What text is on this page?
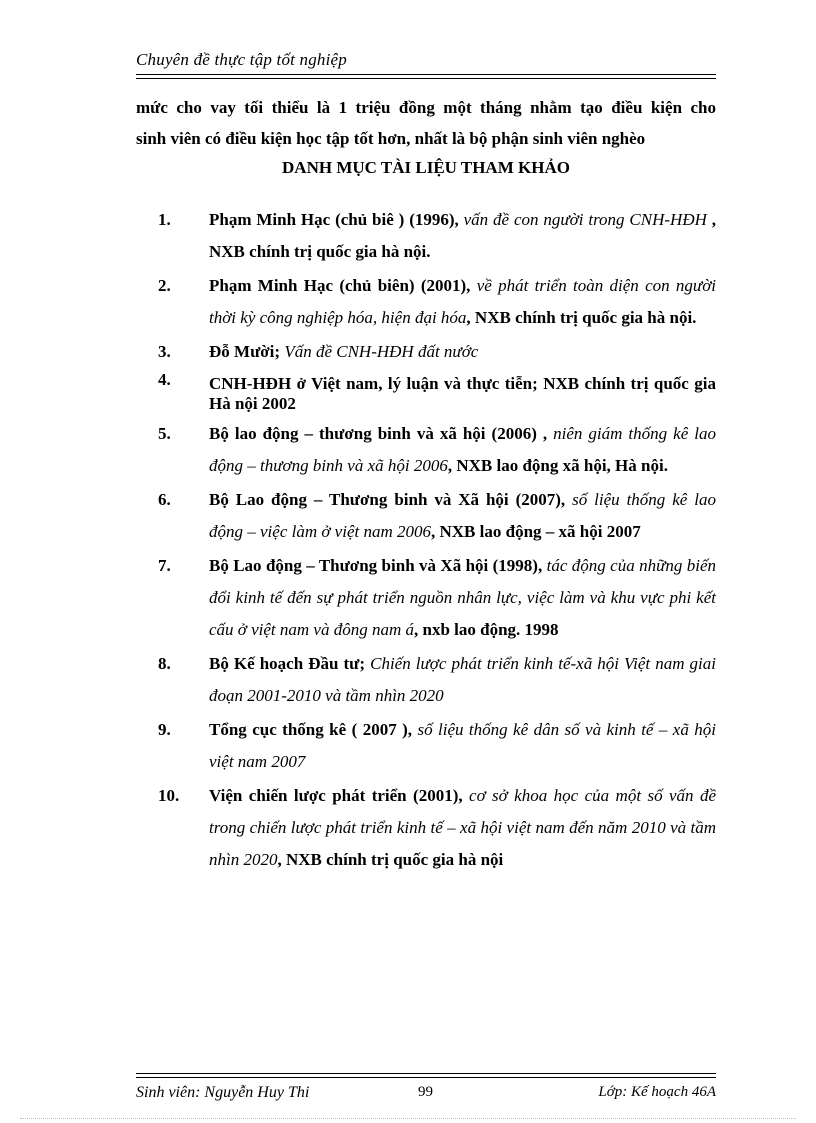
Chuyên đề thực tập tốt nghiệp

mức cho vay tối thiểu là 1 triệu đồng một tháng nhằm tạo điều kiện cho

sinh viên có điều kiện học tập tốt hơn, nhất là bộ phận sinh viên nghèo

DANH MỤC TÀI LIỆU THAM KHẢO
1. Phạm Minh Hạc (chủ biê ) (1996), vấn đề con người trong CNH-HĐH , NXB chính trị quốc gia hà nội.
2. Phạm Minh Hạc (chủ biên) (2001), về phát triển toàn diện con người thời kỳ công nghiệp hóa, hiện đại hóa, NXB chính trị quốc gia hà nội.
3. Đỗ Mười; Vấn đề CNH-HĐH đất nước
4. CNH-HĐH ở Việt nam, lý luận và thực tiễn; NXB chính trị quốc gia Hà nội 2002
5. Bộ lao động – thương binh và xã hội (2006) , niên giám thống kê lao động – thương binh và xã hội 2006, NXB lao động xã hội, Hà nội.
6. Bộ Lao động – Thương binh và Xã hội (2007), số liệu thống kê lao động – việc làm ở việt nam 2006, NXB lao động – xã hội 2007
7. Bộ Lao động – Thương binh và Xã hội (1998), tác động của những biến đổi kinh tế đến sự phát triển nguồn nhân lực, việc làm và khu vực phi kết cấu ở việt nam và đông nam á, nxb lao động. 1998
8. Bộ Kế hoạch Đầu tư; Chiến lược phát triển kinh tế-xã hội Việt nam giai đoạn 2001-2010 và tầm nhìn 2020
9. Tổng cục thống kê ( 2007 ), số liệu thống kê dân số và kinh tế – xã hội việt nam 2007
10. Viện chiến lược phát triển (2001), cơ sở khoa học của một số vấn đề trong chiến lược phát triển kinh tế – xã hội việt nam đến năm 2010 và tầm nhìn 2020, NXB chính trị quốc gia hà nội
Sinh viên: Nguyễn Huy Thi	99	Lớp: Kế hoạch 46A
